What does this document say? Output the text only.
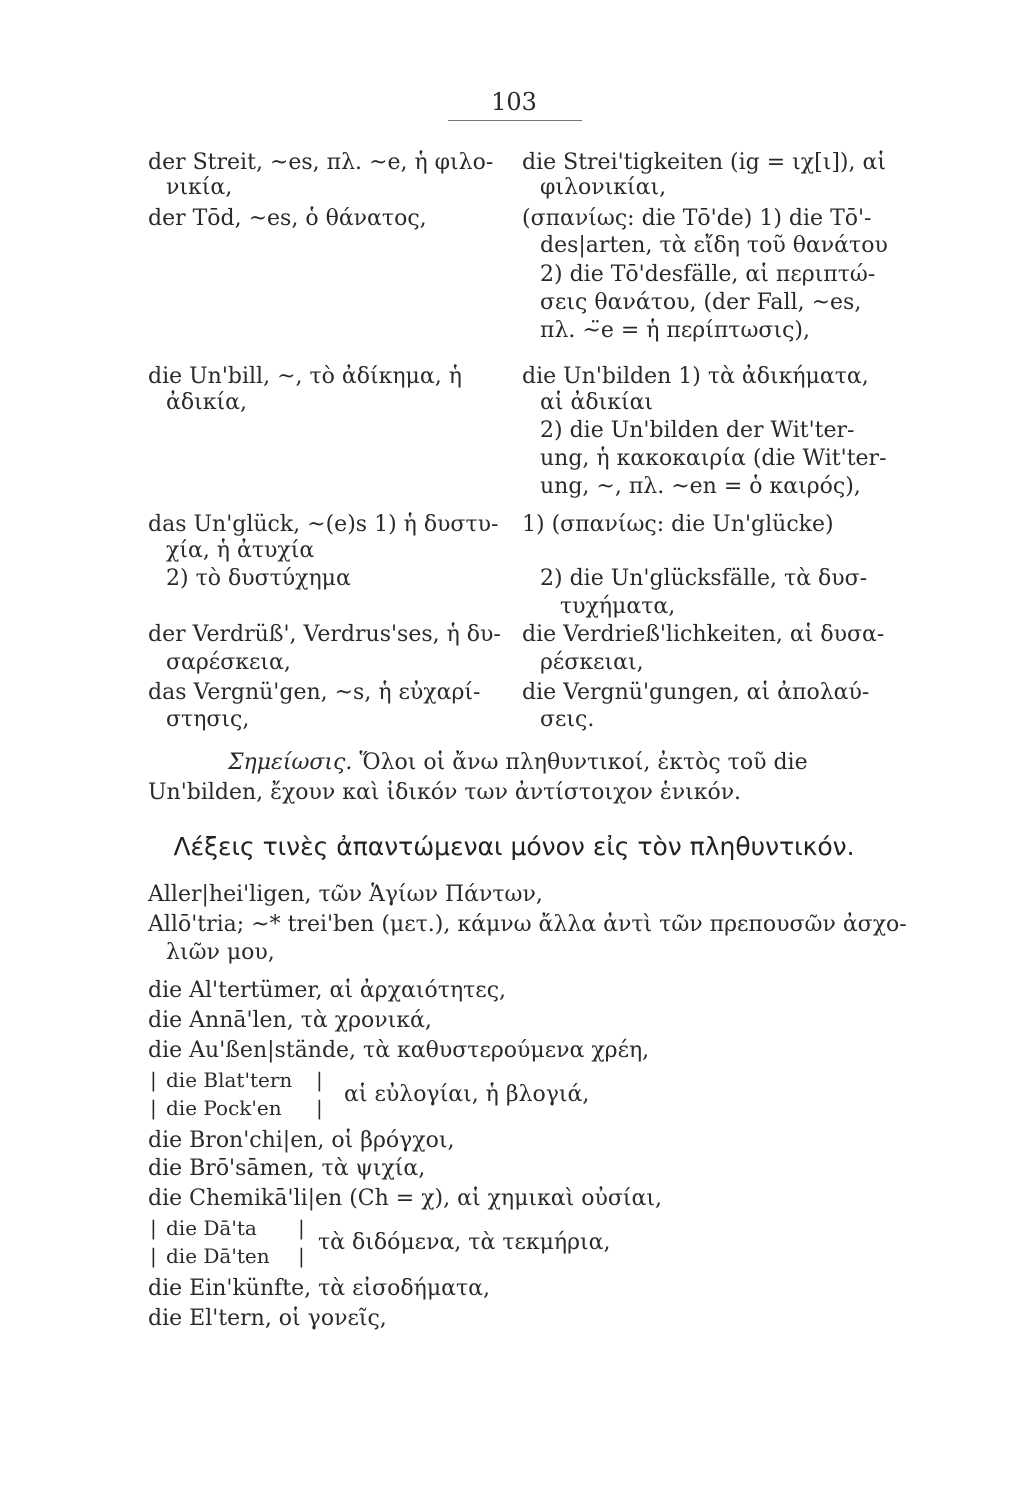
103
der Streit, ~es, πλ. ~e, ἡ φιλο-
νικία,
der Tōd, ~es, ὁ θάνατος,
die Un'bill, ~, τὸ ἀδίκημα, ἡ
ἀδικία,
das Un'glück, ~(e)s 1) ἡ δυστυ-
χία, ἡ ἀτυχία
2) τὸ δυστύχημα
der Verdrüß', Verdrus'ses, ἡ δυ-
σαρέσκεια,
das Vergnü'gen, ~s, ἡ εὐχαρί-
στησις,
die Strei'tigkeiten (ig = ιχ[ι]), αἱ
φιλονικίαι,
(σπανίως: die Tō'de) 1) die Tō'-
des|arten, τὰ εἴδη τοῦ θανάτου
2) die Tō'desfälle, αἱ περιπτώ-
σεις θανάτου, (der Fall, ~es,
πλ. ~̈e = ἡ περίπτωσις),
die Un'bilden 1) τὰ ἀδικήματα,
αἱ ἀδικίαι
2) die Un'bilden der Wit'ter-
ung, ἡ κακοκαιρία (die Wit'ter-
ung, ~, πλ. ~en = ὁ καιρός),
1) (σπανίως: die Un'glücke)
2) die Un'glücksfälle, τὰ δυσ-
τυχήματα,
die Verdrieß'lichkeiten, αἱ δυσα-
ρέσκειαι,
die Vergnü'gungen, αἱ ἀπολαύ-
σεις.
Σημείωσις. Ὅλοι οἱ ἄνω πληθυντικοί, ἐκτὸς τοῦ die Un'bilden, ἔχουν καὶ ἰδικόν των ἀντίστοιχον ἑνικόν.
Λέξεις τινὲς ἀπαντώμεναι μόνον εἰς τὸν πληθυντικόν.
Aller|hei'ligen, τῶν Ἁγίων Πάντων,
Allō'tria; ~* trei'ben (μετ.), κάμνω ἄλλα ἀντὶ τῶν πρεπουσῶν ἀσχο-
λιῶν μου,
die Al'tertümer, αἱ ἀρχαιότητες,
die Annā'len, τὰ χρονικά,
die Au'ßen|stände, τὰ καθυστερούμενα χρέη,
|
|
die Blat'tern
die Pock'en
|
|
αἱ εὐλογίαι, ἡ βλογιά,
die Bron'chi|en, οἱ βρόγχοι,
die Brō'sāmen, τὰ ψιχία,
die Chemikā'li|en (Ch = χ), αἱ χημικαὶ οὐσίαι,
|
|
die Dā'ta
die Dā'ten
|
|
τὰ διδόμενα, τὰ τεκμήρια,
die Ein'künfte, τὰ εἰσοδήματα,
die El'tern, οἱ γονεῖς,
